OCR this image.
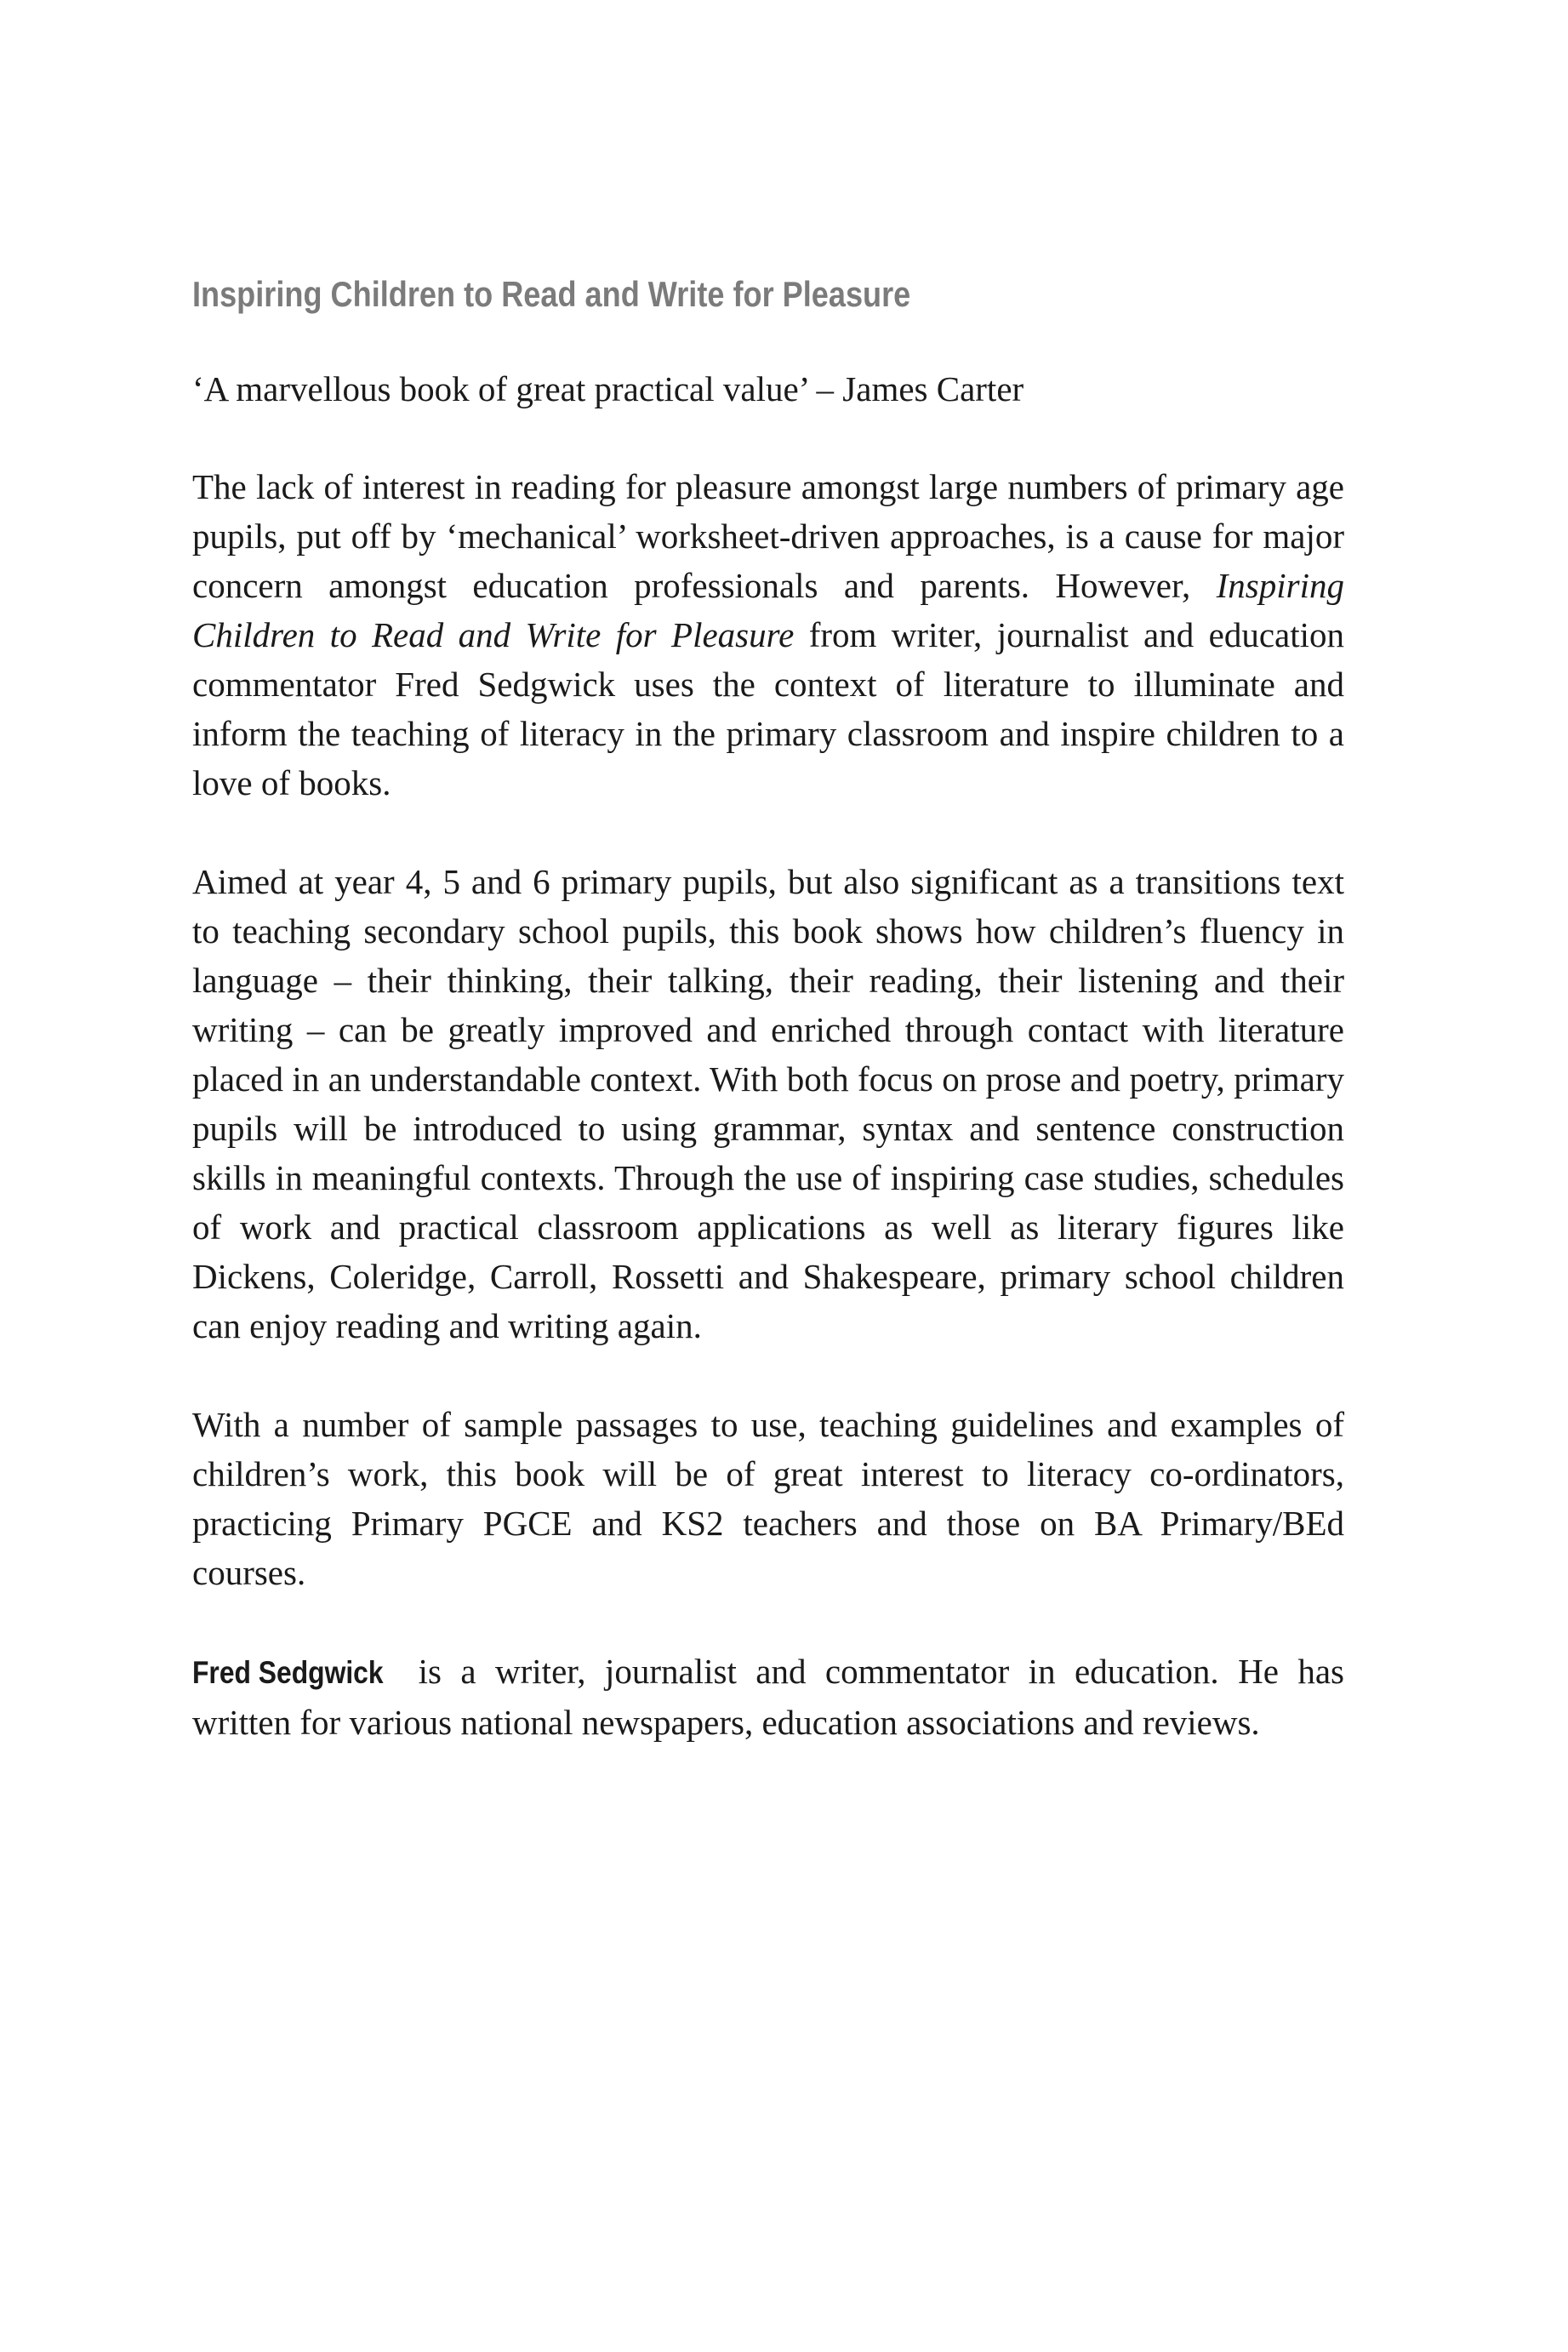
Inspiring Children to Read and Write for Pleasure
‘A marvellous book of great practical value’ – James Carter

The lack of interest in reading for pleasure amongst large numbers of primary age pupils, put off by ‘mechanical’ worksheet-driven approaches, is a cause for major concern amongst education professionals and parents. However, Inspiring Children to Read and Write for Pleasure from writer, journalist and education commentator Fred Sedgwick uses the context of literature to illuminate and inform the teaching of literacy in the primary classroom and inspire children to a love of books.

Aimed at year 4, 5 and 6 primary pupils, but also significant as a transitions text to teaching secondary school pupils, this book shows how children’s fluency in language – their thinking, their talking, their reading, their listening and their writing – can be greatly improved and enriched through contact with literature placed in an understandable context. With both focus on prose and poetry, primary pupils will be introduced to using grammar, syntax and sentence construction skills in meaningful contexts. Through the use of inspiring case studies, schedules of work and practical classroom applications as well as literary figures like Dickens, Coleridge, Carroll, Rossetti and Shakespeare, primary school children can enjoy reading and writing again.

With a number of sample passages to use, teaching guidelines and examples of children’s work, this book will be of great interest to literacy co-ordinators, practicing Primary PGCE and KS2 teachers and those on BA Primary/BEd courses.

Fred Sedgwick is a writer, journalist and commentator in education. He has written for various national newspapers, education associations and reviews.
